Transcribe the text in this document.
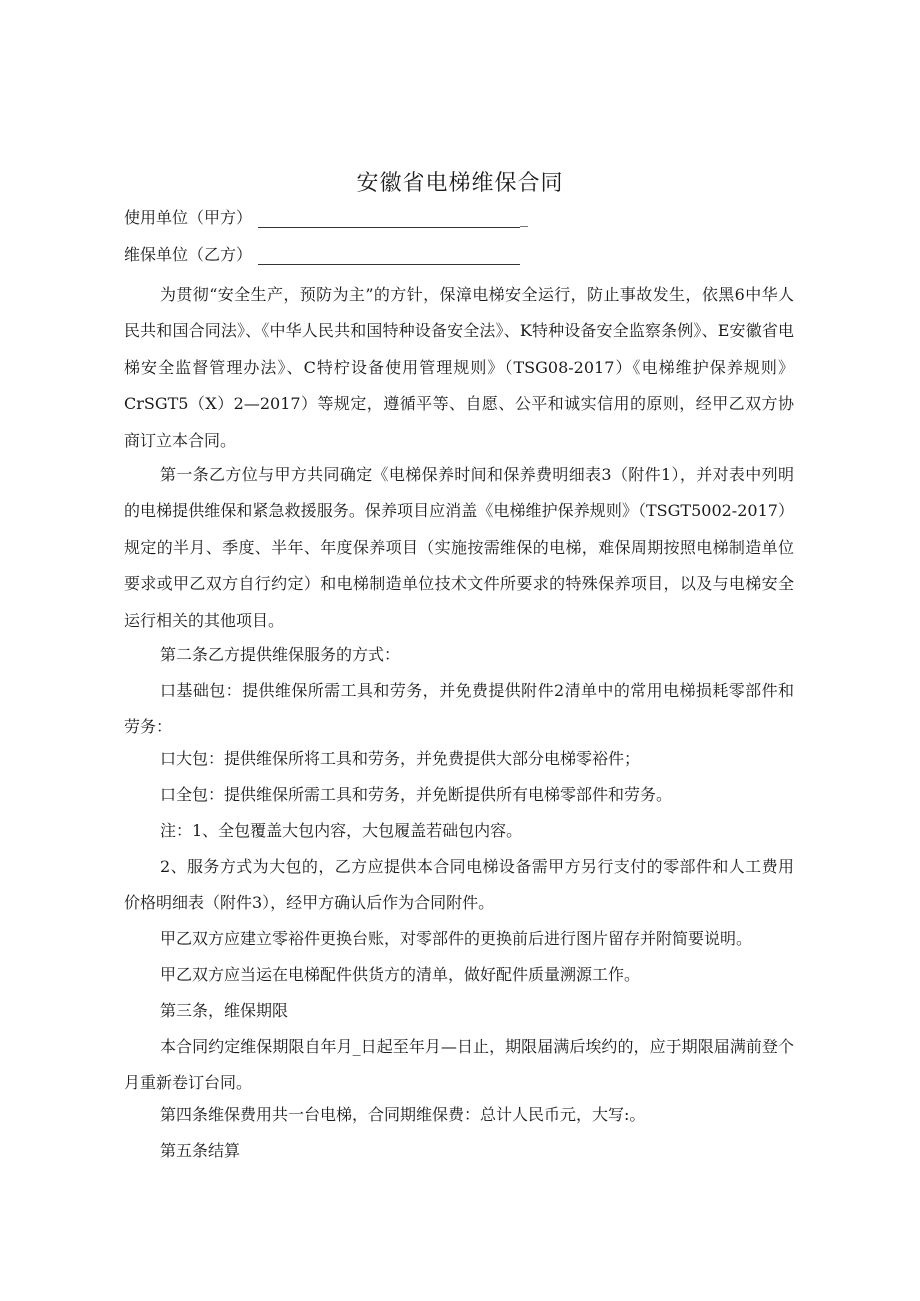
安徽省电梯维保合同
使用单位（甲方）	_
维保单位（乙方）
为贯彻“安全生产，预防为主”的方针，保漳电梯安全运行，防止事故发生，依黑6中华人民共和国合同法》、《中华人民共和国特种设备安全法》、K特种设备安全监察条例》、E安徽省电梯安全监督管理办法》、C特柠设备使用管理规则》（TSG08-2017）《电梯维护保养规则》CrSGT5（X）2—2017）等规定，遵循平等、自愿、公平和诚实信用的原则，经甲乙双方协商订立本合同。
第一条乙方位与甲方共同确定《电梯保养时间和保养费明细表3（附件1），并对表中列明的电梯提供维保和紧急救援服务。保养项目应消盖《电梯维护保养规则》（TSGT5002-2017）规定的半月、季度、半年、年度保养项目（实施按需维保的电梯，难保周期按照电梯制造单位要求或甲乙双方自行约定）和电梯制造单位技术文件所要求的特殊保养项目，以及与电梯安全运行相关的其他项目。
第二条乙方提供维保服务的方式：
口基础包：提供维保所需工具和劳务，并免费提供附件2清单中的常用电梯损耗零部件和劳务：
口大包：提供维保所将工具和劳务，并免费提供大部分电梯零裕件；
口全包：提供维保所需工具和劳务，并免断提供所有电梯零部件和劳务。
注：1、全包覆盖大包内容，大包履盖若础包内容。
2、服务方式为大包的，乙方应提供本合同电梯设备需甲方另行支付的零部件和人工费用价格明细表（附件3），经甲方确认后作为合同附件。
甲乙双方应建立零裕件更换台账，对零部件的更换前后进行图片留存并附简要说明。
甲乙双方应当运在电梯配件供货方的清单，做好配件质量溯源工作。
第三条，维保期限
本合同约定维保期限自年月_日起至年月—日止，期限届满后埃约的，应于期限届满前登个月重新卷订台同。
第四条维保费用共一台电梯，合同期维保费：总计人民币元，大写:。
第五条结算
